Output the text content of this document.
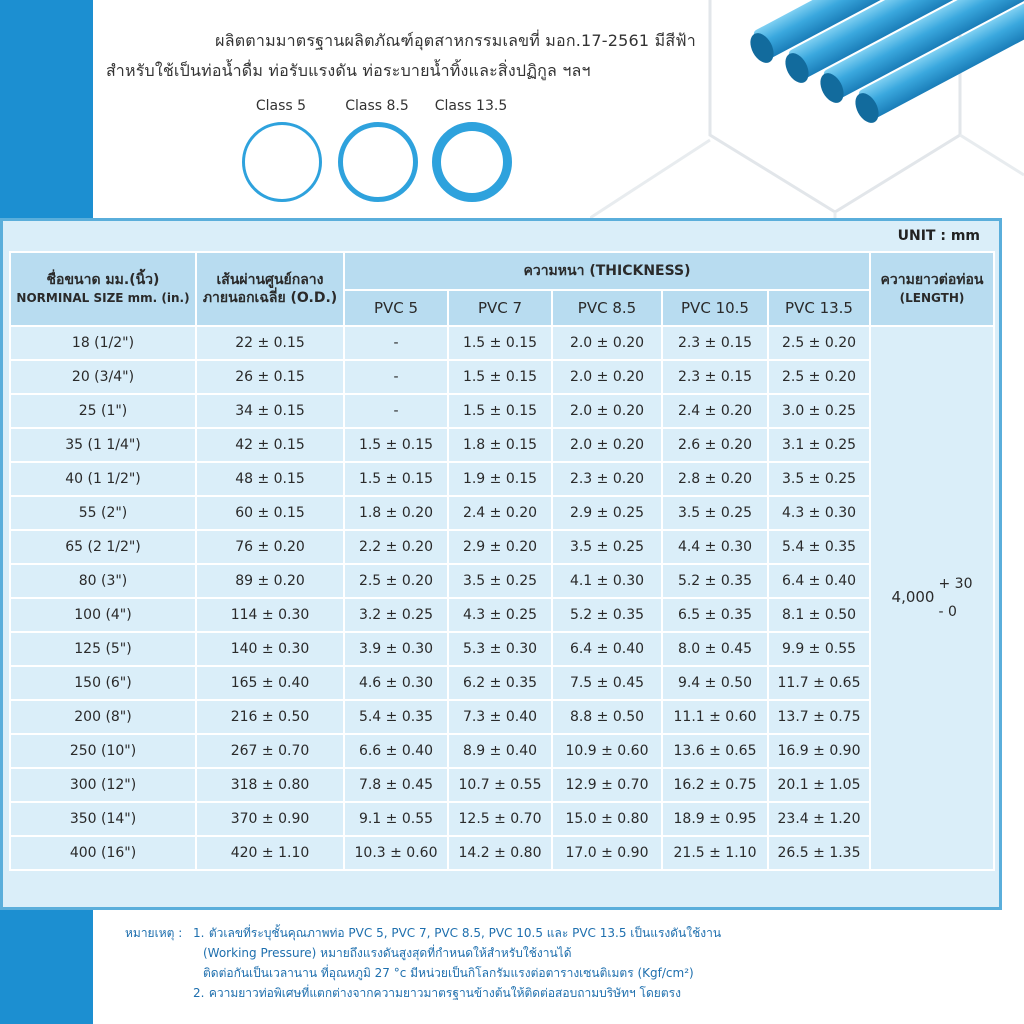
ผลิตตามมาตรฐานผลิตภัณฑ์อุตสาหกรรมเลขที่ มอก.17-2561 มีสีฟ้า
สำหรับใช้เป็นท่อน้ำดื่ม ท่อรับแรงดัน ท่อระบายน้ำทิ้งและสิ่งปฏิกูล ฯลฯ
Class 5	Class 8.5	Class 13.5
UNIT : mm
ชื่อขนาด มม.(นิ้ว)
NORMINAL SIZE mm. (in.)	เส้นผ่านศูนย์กลาง
ภายนอกเฉลี่ย (O.D.)	ความหนา (THICKNESS)					ความยาวต่อท่อน
(LENGTH)

		PVC 5	PVC 7	PVC 8.5	PVC 10.5	PVC 13.5	
18 (1/2")	22 ± 0.15	-	1.5 ± 0.15	2.0 ± 0.20	2.3 ± 0.15	2.5 ± 0.20	4,000
+ 30
- 0

20 (3/4")	26 ± 0.15	-	1.5 ± 0.15	2.0 ± 0.20	2.3 ± 0.15	2.5 ± 0.20	
25 (1")	34 ± 0.15	-	1.5 ± 0.15	2.0 ± 0.20	2.4 ± 0.20	3.0 ± 0.25	
35 (1 1/4")	42 ± 0.15	1.5 ± 0.15	1.8 ± 0.15	2.0 ± 0.20	2.6 ± 0.20	3.1 ± 0.25	
40 (1 1/2")	48 ± 0.15	1.5 ± 0.15	1.9 ± 0.15	2.3 ± 0.20	2.8 ± 0.20	3.5 ± 0.25	
55 (2")	60 ± 0.15	1.8 ± 0.20	2.4 ± 0.20	2.9 ± 0.25	3.5 ± 0.25	4.3 ± 0.30	
65 (2 1/2")	76 ± 0.20	2.2 ± 0.20	2.9 ± 0.20	3.5 ± 0.25	4.4 ± 0.30	5.4 ± 0.35	
80 (3")	89 ± 0.20	2.5 ± 0.20	3.5 ± 0.25	4.1 ± 0.30	5.2 ± 0.35	6.4 ± 0.40	
100 (4")	114 ± 0.30	3.2 ± 0.25	4.3 ± 0.25	5.2 ± 0.35	6.5 ± 0.35	8.1 ± 0.50	
125 (5")	140 ± 0.30	3.9 ± 0.30	5.3 ± 0.30	6.4 ± 0.40	8.0 ± 0.45	9.9 ± 0.55	
150 (6")	165 ± 0.40	4.6 ± 0.30	6.2 ± 0.35	7.5 ± 0.45	9.4 ± 0.50	11.7 ± 0.65	
200 (8")	216 ± 0.50	5.4 ± 0.35	7.3 ± 0.40	8.8 ± 0.50	11.1 ± 0.60	13.7 ± 0.75	
250 (10")	267 ± 0.70	6.6 ± 0.40	8.9 ± 0.40	10.9 ± 0.60	13.6 ± 0.65	16.9 ± 0.90	
300 (12")	318 ± 0.80	7.8 ± 0.45	10.7 ± 0.55	12.9 ± 0.70	16.2 ± 0.75	20.1 ± 1.05	
350 (14")	370 ± 0.90	9.1 ± 0.55	12.5 ± 0.70	15.0 ± 0.80	18.9 ± 0.95	23.4 ± 1.20	
400 (16")	420 ± 1.10	10.3 ± 0.60	14.2 ± 0.80	17.0 ± 0.90	21.5 ± 1.10	26.5 ± 1.35	
หมายเหตุ : 1. ตัวเลขที่ระบุชั้นคุณภาพท่อ PVC 5, PVC 7, PVC 8.5, PVC 10.5 และ PVC 13.5 เป็นแรงดันใช้งาน
(Working Pressure) หมายถึงแรงดันสูงสุดที่กำหนดให้สำหรับใช้งานได้
ติดต่อกันเป็นเวลานาน ที่อุณหภูมิ 27 °c มีหน่วยเป็นกิโลกรัมแรงต่อตารางเซนติเมตร (Kgf/cm²)
2. ความยาวท่อพิเศษที่แตกต่างจากความยาวมาตรฐานข้างต้นให้ติดต่อสอบถามบริษัทฯ โดยตรง
